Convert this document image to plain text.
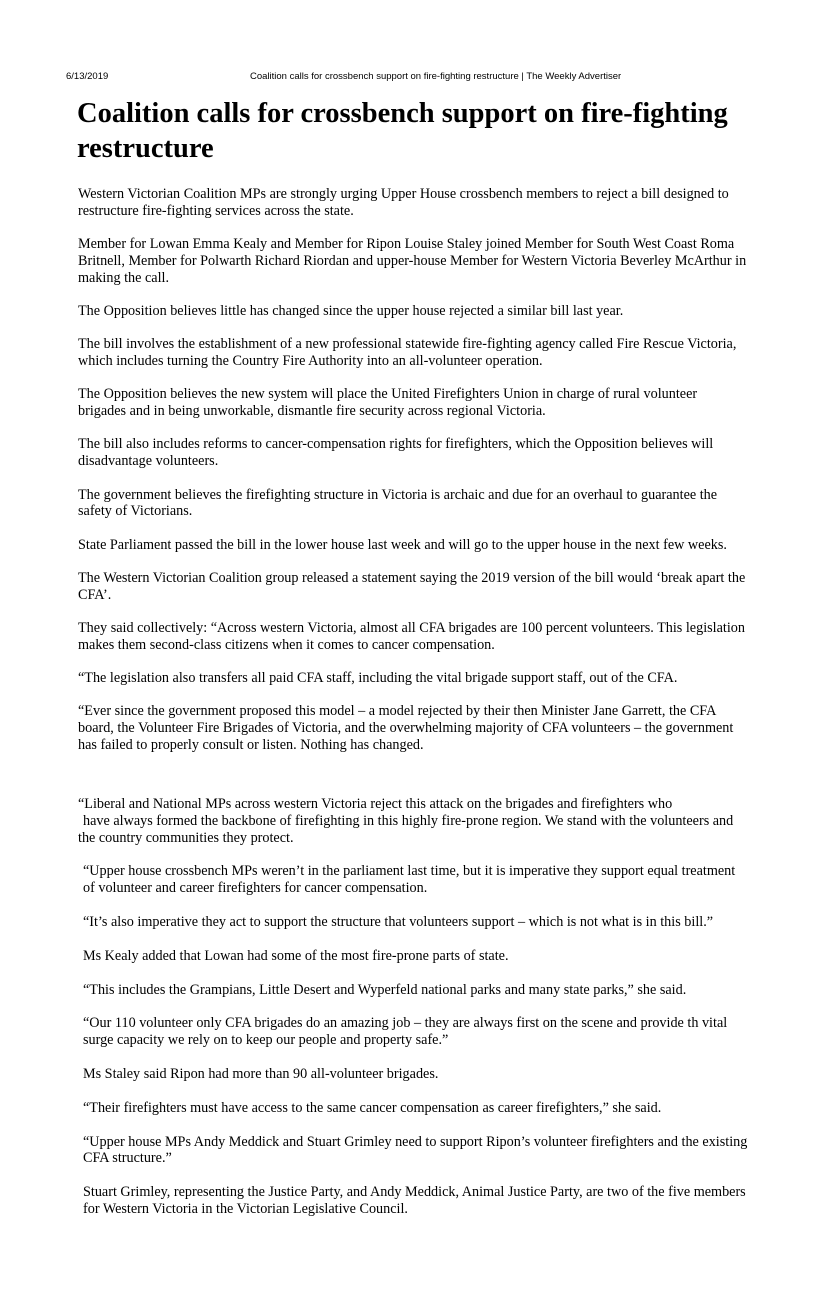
6/13/2019	Coalition calls for crossbench support on fire-fighting restructure | The Weekly Advertiser
Coalition calls for crossbench support on fire-fighting restructure

Western Victorian Coalition MPs are strongly urging Upper House crossbench members to reject a bill designed to restructure fire-fighting services across the state.

Member for Lowan Emma Kealy and Member for Ripon Louise Staley joined Member for South West Coast Roma Britnell, Member for Polwarth Richard Riordan and upper-house Member for Western Victoria Beverley McArthur in making the call.

The Opposition believes little has changed since the upper house rejected a similar bill last year.

The bill involves the establishment of a new professional statewide fire-fighting agency called Fire Rescue Victoria, which includes turning the Country Fire Authority into an all-volunteer operation.

The Opposition believes the new system will place the United Firefighters Union in charge of rural volunteer brigades and in being unworkable, dismantle fire security across regional Victoria.

The bill also includes reforms to cancer-compensation rights for firefighters, which the Opposition believes will disadvantage volunteers.

The government believes the firefighting structure in Victoria is archaic and due for an overhaul to guarantee the safety of Victorians.

State Parliament passed the bill in the lower house last week and will go to the upper house in the next few weeks.

The Western Victorian Coalition group released a statement saying the 2019 version of the bill would ‘break apart the CFA’.

They said collectively: “Across western Victoria, almost all CFA brigades are 100 percent volunteers. This legislation makes them second-class citizens when it comes to cancer compensation.

“The legislation also transfers all paid CFA staff, including the vital brigade support staff, out of the CFA.

“Ever since the government proposed this model – a model rejected by their then Minister Jane Garrett, the CFA board, the Volunteer Fire Brigades of Victoria, and the overwhelming majority of CFA volunteers – the government has failed to properly consult or listen. Nothing has changed.

“Liberal and National MPs across western Victoria reject this attack on the brigades and firefighters who
have always formed the backbone of firefighting in this highly fire-prone region. We stand with the volunteers and the country communities they protect.

“Upper house crossbench MPs weren’t in the parliament last time, but it is imperative they support equal treatment of volunteer and career firefighters for cancer compensation.

“It’s also imperative they act to support the structure that volunteers support – which is not what is in this bill.”

Ms Kealy added that Lowan had some of the most fire-prone parts of state.

“This includes the Grampians, Little Desert and Wyperfeld national parks and many state parks,” she said.

“Our 110 volunteer only CFA brigades do an amazing job – they are always first on the scene and provide th vital surge capacity we rely on to keep our people and property safe.”

Ms Staley said Ripon had more than 90 all-volunteer brigades.

“Their firefighters must have access to the same cancer compensation as career firefighters,” she said.

“Upper house MPs Andy Meddick and Stuart Grimley need to support Ripon’s volunteer firefighters and the existing CFA structure.”

Stuart Grimley, representing the Justice Party, and Andy Meddick, Animal Justice Party, are two of the five members for Western Victoria in the Victorian Legislative Council.
